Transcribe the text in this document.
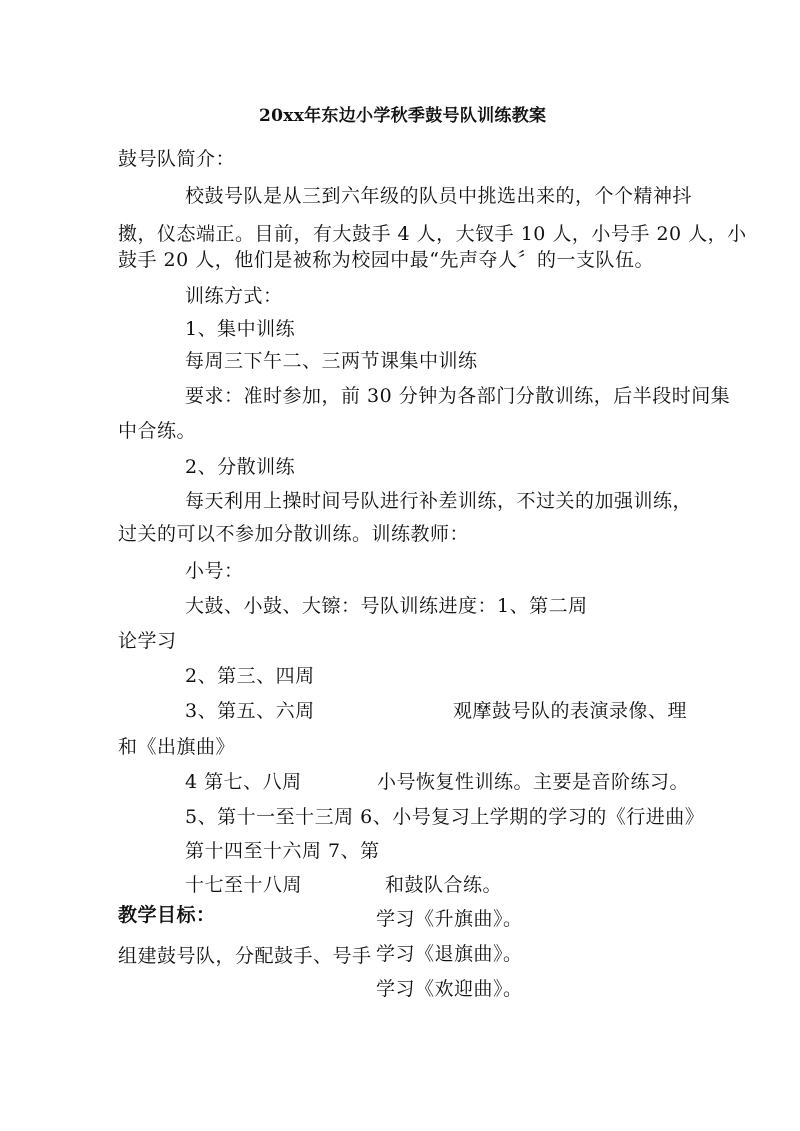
20xx年东边小学秋季鼓号队训练教案
鼓号队简介：
校鼓号队是从三到六年级的队员中挑选出来的，个个精神抖
擞，仪态端正。目前，有大鼓手 4 人，大钗手 10 人，小号手 20 人，小
鼓手 20 人，他们是被称为校园中最“先声夺人〞的一支队伍。
训练方式：
1、集中训练
每周三下午二、三两节课集中训练
要求：准时参加，前 30 分钟为各部门分散训练，后半段时间集
中合练。
2、分散训练
每天利用上操时间号队进行补差训练，不过关的加强训练，
过关的可以不参加分散训练。训练教师：
小号：
大鼓、小鼓、大镲：号队训练进度：1、第二周
论学习
2、第三、四周
3、第五、六周	观摩鼓号队的表演录像、理
和《出旗曲》
4 第七、八周	小号恢复性训练。主要是音阶练习。
5、第十一至十三周 6、小号复习上学期的学习的《行进曲》
第十四至十六周 7、第
十七至十八周	和鼓队合练。
教学目标：	学习《升旗曲》。
组建鼓号队，分配鼓手、号手 学习《退旗曲》。
学习《欢迎曲》。
